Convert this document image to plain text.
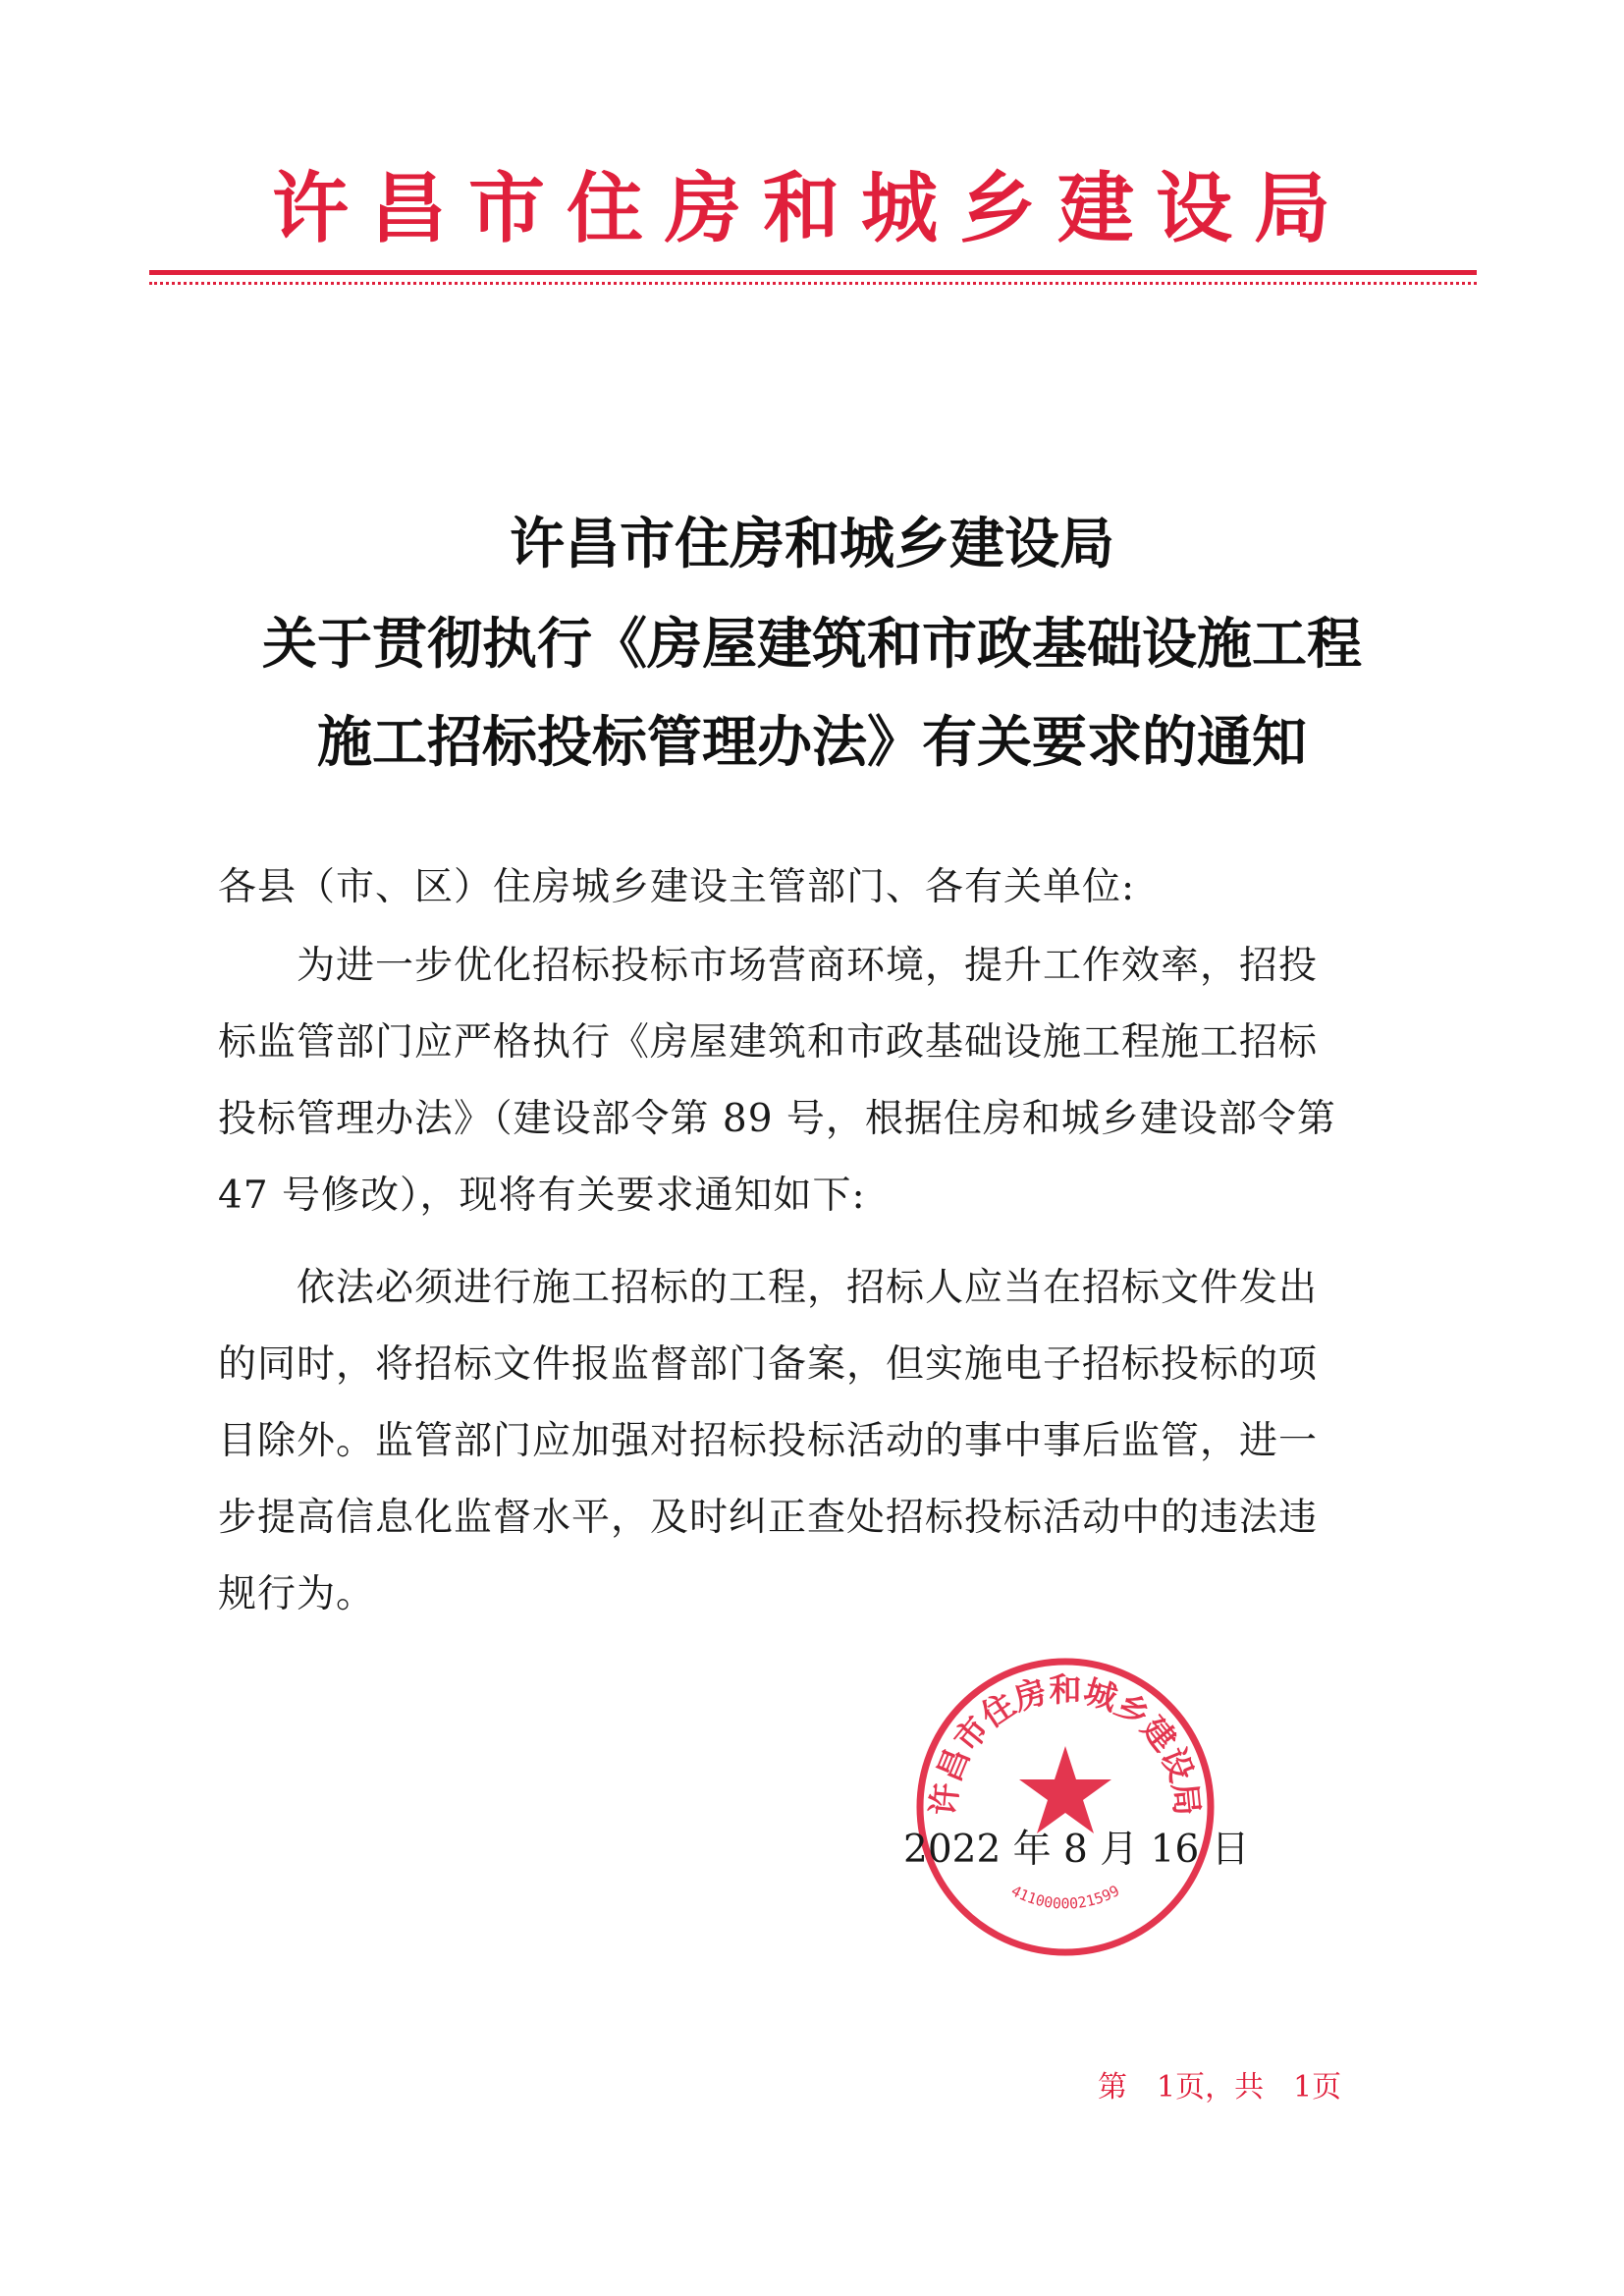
许昌市住房和城乡建设局
许昌市住房和城乡建设局
关于贯彻执行《房屋建筑和市政基础设施工程
施工招标投标管理办法》有关要求的通知
各县（市、区）住房城乡建设主管部门、各有关单位:
　　为进一步优化招标投标市场营商环境，提升工作效率，招投
标监管部门应严格执行《房屋建筑和市政基础设施工程施工招标
投标管理办法》（建设部令第 89 号，根据住房和城乡建设部令第
47 号修改），现将有关要求通知如下:
　　依法必须进行施工招标的工程，招标人应当在招标文件发出
的同时，将招标文件报监督部门备案，但实施电子招标投标的项
目除外。监管部门应加强对招标投标活动的事中事后监管，进一
步提高信息化监督水平，及时纠正查处招标投标活动中的违法违
规行为。
许昌市住房和城乡建设局
4110000021599
2022 年 8 月 16 日
第　1页，共　1页
